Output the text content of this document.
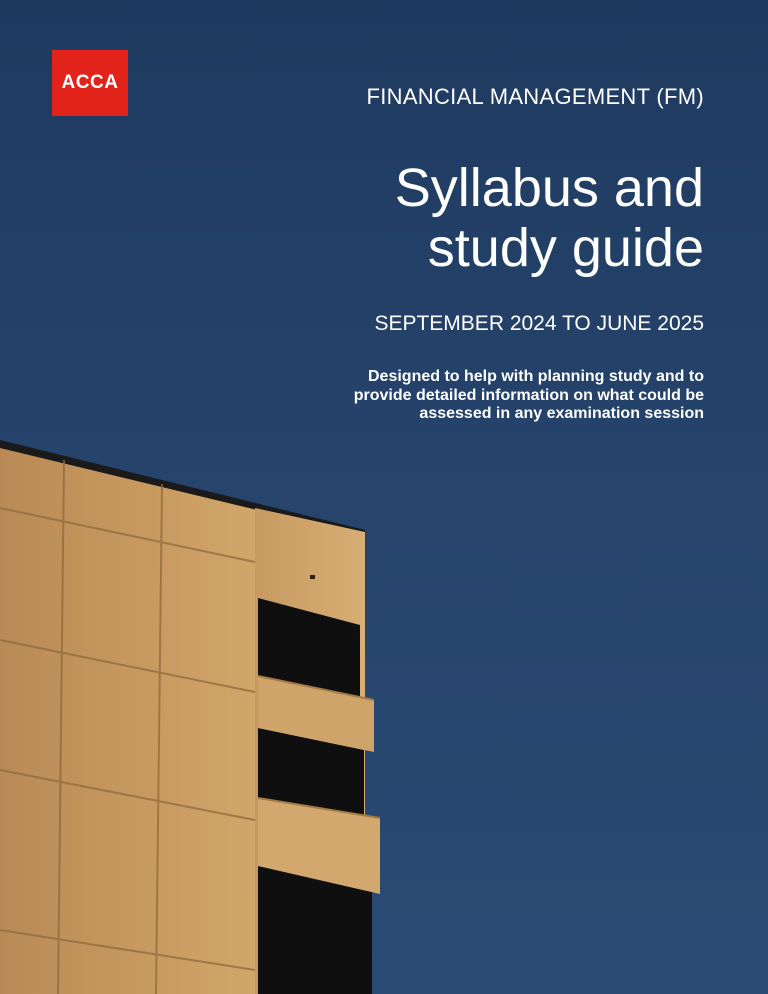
ACCA
FINANCIAL MANAGEMENT (FM)
Syllabus and
study guide
SEPTEMBER 2024 TO JUNE 2025
Designed to help with planning study and to
provide detailed information on what could be
assessed in any examination session
